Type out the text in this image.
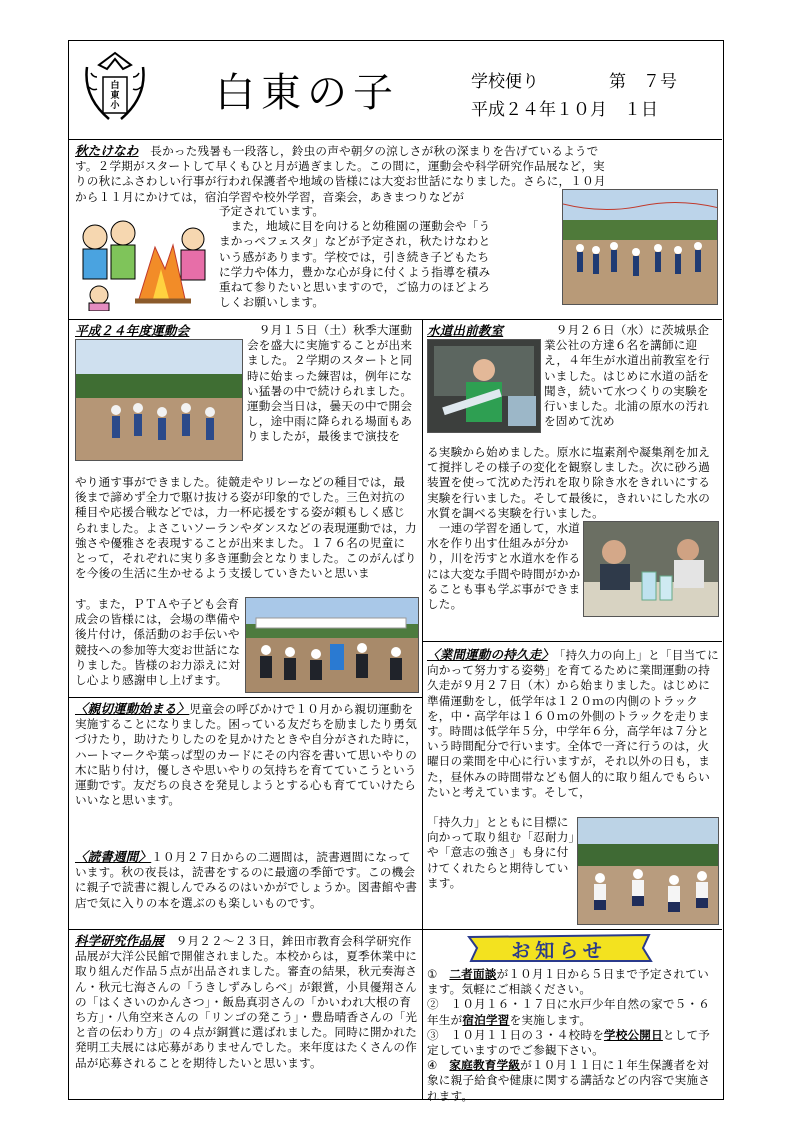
白東小 白東の子	学校便り	第　７号
平成２４年１０月　１日

秋たけなわ　長かった残暑も一段落し，鈴虫の声や朝夕の涼しさが秋の深まりを告げているようで

す。２学期がスタートして早くもひと月が過ぎました。この間に，運動会や科学研究作品展など，実

りの秋にふさわしい行事が行われ保護者や地域の皆様には大変お世話になりました。さらに，１０月

から１１月にかけては，宿泊学習や校外学習，音楽会，あきまつりなどが

予定されています。

　また，地域に目を向けると幼稚園の運動会や「う

まかっぺフェスタ」などが予定され，秋たけなわと

いう感があります。学校では，引き続き子どもたち

に学力や体力，豊かな心が身に付くよう指導を積み

重ねて参りたいと思いますので，ご協力のほどよろ

しくお願いします。

平成２４年度運動会	　９月１５日（土）秋季大運動会を盛大に実施することが出来ました。２学期のスタートと同時に始まった練習は，例年にない猛暑の中で続けられました。運動会当日は，曇天の中で開会し，途中雨に降られる場面もありましたが，最後まで演技を
やり通す事ができました。徒競走やリレーなどの種目では，最後まで諦めず全力で駆け抜ける姿が印象的でした。三色対抗の種目や応援合戦などでは，力一杯応援をする姿が頼もしく感じられました。よさこいソーランやダンスなどの表現運動では，力強さや優雅さを表現することが出来ました。１７６名の児童にとって，それぞれに実り多き運動会となりました。このがんばりを今後の生活に生かせるよう支援していきたいと思いま
す。また，ＰＴＡや子ども会育成会の皆様には，会場の準備や後片付け，係活動のお手伝いや競技への参加等大変お世話になりました。皆様のお力添えに対し心より感謝申し上げます。
水道出前教室	　９月２６日（水）に茨城県企業公社の方達６名を講師に迎え，４年生が水道出前教室を行いました。はじめに水道の話を聞き，続いて水つくりの実験を行いました。北浦の原水の汚れを固めて沈め
る実験から始めました。原水に塩素剤や凝集剤を加えて撹拌しその様子の変化を観察しました。次に砂ろ過装置を使って沈めた汚れを取り除き水をきれいにする実験を行いました。そして最後に，きれいにした水の水質を調べる実験を行いました。
　一連の学習を通して，水道水を作り出す仕組みが分かり，川を汚すと水道水を作るには大変な手間や時間がかかることも事も学ぶ事ができました。
〈業間運動の持久走〉　「持久力の向上」と「目当てに向かって努力する姿勢」を育てるために業間運動の持久走が９月２７日（木）から始まりました。はじめに準備運動をし，低学年は１２０ｍの内側のトラックを，中・高学年は１６０ｍの外側のトラックを走ります。時間は低学年５分，中学年６分，高学年は７分という時間配分で行います。全体で一斉に行うのは，火曜日の業間を中心に行いますが，それ以外の日も，また，昼休みの時間帯なども個人的に取り組んでもらいたいと考えています。そして，
「持久力」とともに目標に向かって取り組む「忍耐力」や「意志の強さ」も身に付けてくれたらと期待しています。
〈親切運動始まる〉児童会の呼びかけで１０月から親切運動を実施することになりました。困っている友だちを励ましたり勇気づけたり，助けたりしたのを見かけたときや自分がされた時に，ハートマークや葉っぱ型のカードにその内容を書いて思いやりの木に貼り付け，優しさや思いやりの気持ちを育てていこうという運動です。友だちの良さを発見しようとする心も育てていけたらいいなと思います。
〈読書週間〉１０月２７日からの二週間は，読書週間になっています。秋の夜長は，読書をするのに最適の季節です。この機会に親子で読書に親しんでみるのはいかがでしょうか。図書館や書店で気に入りの本を選ぶのも楽しいものです。
科学研究作品展　９月２２～２３日，鉾田市教育会科学研究作品展が大洋公民館で開催されました。本校からは，夏季休業中に取り組んだ作品５点が出品されました。審査の結果，秋元奏海さん・秋元七海さんの「うきしずみしらべ」が銀賞，小貝優翔さんの「はくさいのかんさつ」・飯島真羽さんの「かいわれ大根の育ち方」・八角空来さんの「リンゴの発こう」・豊島晴香さんの「光と音の伝わり方」の４点が銅賞に選ばれました。同時に開かれた発明工夫展には応募がありませんでした。来年度はたくさんの作品が応募されることを期待したいと思います。
お知らせ

①　 二者面談が１０月１日から５日まで予定されています。気軽にご相談ください。

②　１０月１６・１７日に水戸少年自然の家で５・６年生が宿泊学習を実施します。

③　１０月１１日の３・４校時を学校公開日として予定していますのでご参観下さい。

④　 家庭教育学級が１０月１１日に１年生保護者を対象に親子給食や健康に関する講話などの内容で実施されます。
